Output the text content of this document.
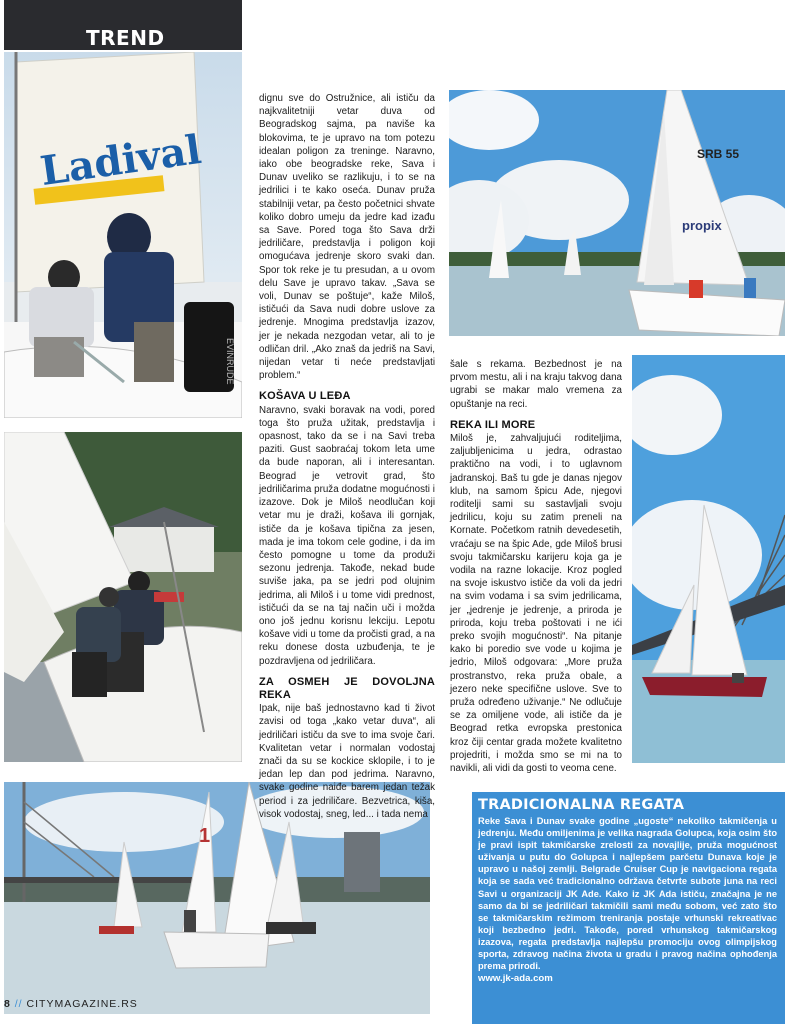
TREND
Ladival
EVINRUDE
SRB 55
propix
1

dignu sve do Ostružnice, ali ističu da najkvalitetniji vetar duva od Beogradskog sajma, pa naviše ka blokovima, te je upravo na tom potezu idealan poligon za treninge. Naravno, iako obe beogradske reke, Sava i Dunav uveliko se razlikuju, i to se na jedrilici i te kako oseća. Dunav pruža stabilniji vetar, pa često početnici shvate koliko dobro umeju da jedre kad izađu sa Save. Pored toga što Sava drži jedriličare, predstavlja i poligon koji omogućava jedrenje skoro svaki dan. Spor tok reke je tu presudan, a u ovom delu Save je upravo takav. „Sava se voli, Dunav se poštuje“, kaže Miloš, ističući da Sava nudi dobre uslove za jedrenje. Mnogima predstavlja izazov, jer je nekada nezgodan vetar, ali to je odličan dril. „Ako znaš da jedriš na Savi, nijedan vetar ti neće predstavljati problem.“

KOŠAVA U LEĐA

Naravno, svaki boravak na vodi, pored toga što pruža užitak, predstavlja i opasnost, tako da se i na Savi treba paziti. Gust saobraćaj tokom leta ume da bude naporan, ali i interesantan. Beograd je vetrovit grad, što jedriličarima pruža dodatne mogućnosti i izazove. Dok je Miloš neodlučan koji vetar mu je draži, košava ili gornjak, ističe da je košava tipična za jesen, mada je ima tokom cele godine, i da im često pomogne u tome da produži sezonu jedrenja. Takođe, nekad bude suviše jaka, pa se jedri pod olujnim jedrima, ali Miloš i u tome vidi prednost, ističući da se na taj način uči i možda ono još jednu korisnu lekciju. Lepotu košave vidi u tome da pročisti grad, a na reku donese dosta uzbuđenja, te je pozdravljena od jedriličara.

ZA OSMEH JE DOVOLJNA REKA

Ipak, nije baš jednostavno kad ti život zavisi od toga „kako vetar duva“, ali jedriličari ističu da sve to ima svoje čari. Kvalitetan vetar i normalan vodostaj znači da su se kockice sklopile, i to je jedan lep dan pod jedrima. Naravno, svake godine naiđe barem jedan težak period i za jedriličare. Bezvetrica, kiša, visok vodostaj, sneg, led... i tada nema

šale s rekama. Bezbednost je na prvom mestu, ali i na kraju takvog dana ugrabi se makar malo vremena za opuštanje na reci.

REKA ILI MORE

Miloš je, zahvaljujući roditeljima, zaljubljenicima u jedra, odrastao praktično na vodi, i to uglavnom jadranskoj. Baš tu gde je danas njegov klub, na samom špicu Ade, njegovi roditelji sami su sastavljali svoju jedrilicu, koju su zatim preneli na Kornate. Početkom ratnih devedesetih, vraćaju se na špic Ade, gde Miloš brusi svoju takmičarsku karijeru koja ga je vodila na razne lokacije. Kroz pogled na svoje iskustvo ističe da voli da jedri na svim vodama i sa svim jedrilicama, jer „jedrenje je jedrenje, a priroda je priroda, koju treba poštovati i ne ići preko svojih mogućnosti“. Na pitanje kako bi poredio sve vode u kojima je jedrio, Miloš odgovara: „More pruža prostranstvo, reka pruža obale, a jezero neke specifične uslove. Sve to pruža određeno uživanje.“ Ne odlučuje se za omiljene vode, ali ističe da je Beograd retka evropska prestonica kroz čiji centar grada možete kvalitetno projedriti, i možda smo se mi na to navikli, ali vidi da gosti to veoma cene.

TRADICIONALNA REGATA

Reke Sava i Dunav svake godine „ugoste“ nekoliko takmičenja u jedrenju. Među omiljenima je velika nagrada Golupca, koja osim što je pravi ispit takmičarske zrelosti za novajlije, pruža mogućnost uživanja u putu do Golupca i najlepšem parčetu Dunava koje je upravo u našoj zemlji. Belgrade Cruiser Cup je navigaciona regata koja se sada već tradicionalno održava četvrte subote juna na reci Savi u organizaciji JK Ade. Kako iz JK Ada ističu, značajna je ne samo da bi se jedriličari takmičili sami među sobom, već zato što se takmičarskim režimom treniranja postaje vrhunski rekreativac koji bezbedno jedri. Takođe, pored vrhunskog takmičarskog izazova, regata predstavlja najlepšu promociju ovog olimpijskog sporta, zdravog načina života u gradu i pravog načina ophođenja prema prirodi.

www.jk-ada.com
8 // CITYMAGAZINE.RS
